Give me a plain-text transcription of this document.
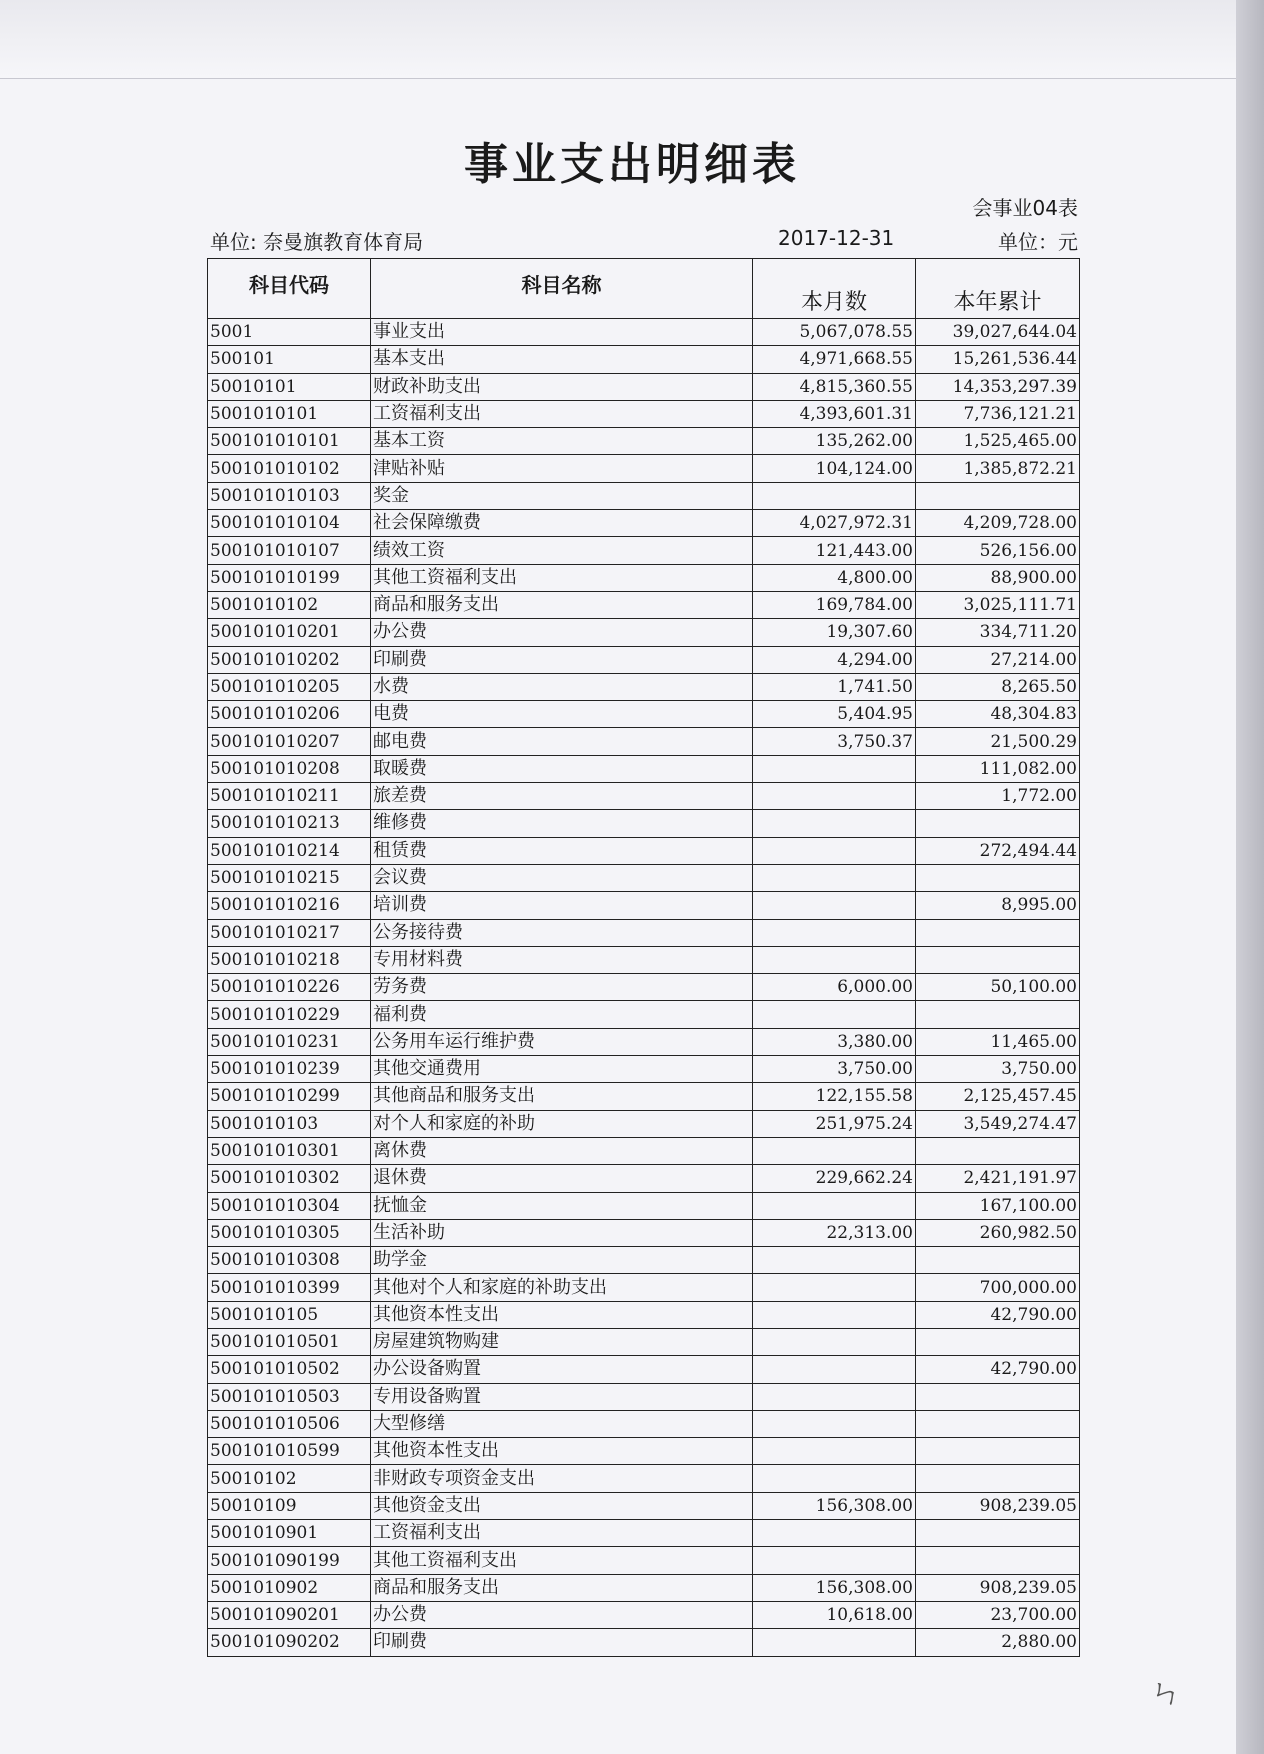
事业支出明细表
会事业04表
单位: 奈曼旗教育体育局	2017-12-31	单位：元
科目代码	科目名称	本月数	本年累计
5001	事业支出	5,067,078.55	39,027,644.04
500101	基本支出	4,971,668.55	15,261,536.44
50010101	财政补助支出	4,815,360.55	14,353,297.39
5001010101	工资福利支出	4,393,601.31	7,736,121.21
500101010101	基本工资	135,262.00	1,525,465.00
500101010102	津贴补贴	104,124.00	1,385,872.21
500101010103	奖金		
500101010104	社会保障缴费	4,027,972.31	4,209,728.00
500101010107	绩效工资	121,443.00	526,156.00
500101010199	其他工资福利支出	4,800.00	88,900.00
5001010102	商品和服务支出	169,784.00	3,025,111.71
500101010201	办公费	19,307.60	334,711.20
500101010202	印刷费	4,294.00	27,214.00
500101010205	水费	1,741.50	8,265.50
500101010206	电费	5,404.95	48,304.83
500101010207	邮电费	3,750.37	21,500.29
500101010208	取暖费		111,082.00
500101010211	旅差费		1,772.00
500101010213	维修费		
500101010214	租赁费		272,494.44
500101010215	会议费		
500101010216	培训费		8,995.00
500101010217	公务接待费		
500101010218	专用材料费		
500101010226	劳务费	6,000.00	50,100.00
500101010229	福利费		
500101010231	公务用车运行维护费	3,380.00	11,465.00
500101010239	其他交通费用	3,750.00	3,750.00
500101010299	其他商品和服务支出	122,155.58	2,125,457.45
5001010103	对个人和家庭的补助	251,975.24	3,549,274.47
500101010301	离休费		
500101010302	退休费	229,662.24	2,421,191.97
500101010304	抚恤金		167,100.00
500101010305	生活补助	22,313.00	260,982.50
500101010308	助学金		
500101010399	其他对个人和家庭的补助支出		700,000.00
5001010105	其他资本性支出		42,790.00
500101010501	房屋建筑物购建		
500101010502	办公设备购置		42,790.00
500101010503	专用设备购置		
500101010506	大型修缮		
500101010599	其他资本性支出		
50010102	非财政专项资金支出		
50010109	其他资金支出	156,308.00	908,239.05
5001010901	工资福利支出		
500101090199	其他工资福利支出		
5001010902	商品和服务支出	156,308.00	908,239.05
500101090201	办公费	10,618.00	23,700.00
500101090202	印刷费		2,880.00
ㄣ
